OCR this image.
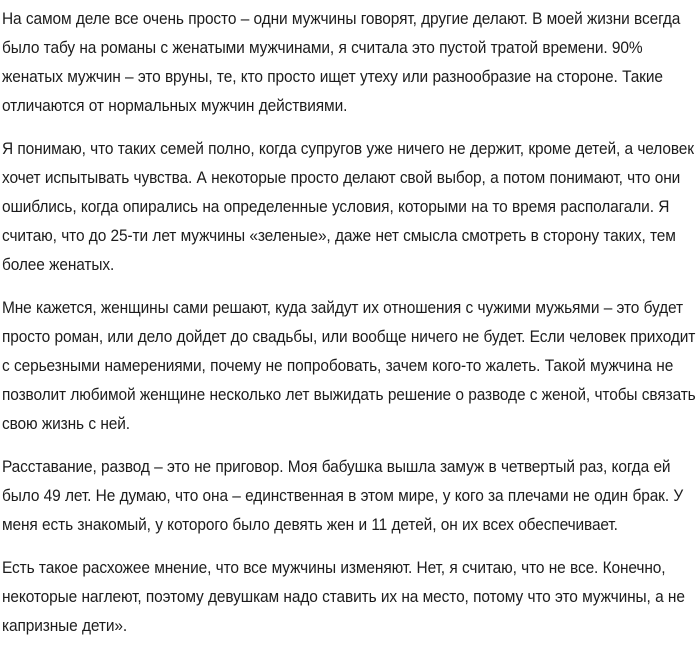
На самом деле все очень просто – одни мужчины говорят, другие делают. В моей жизни всегда было табу на романы с женатыми мужчинами, я считала это пустой тратой времени. 90% женатых мужчин – это вруны, те, кто просто ищет утеху или разнообразие на стороне. Такие отличаются от нормальных мужчин действиями.

Я понимаю, что таких семей полно, когда супругов уже ничего не держит, кроме детей, а человек хочет испытывать чувства. А некоторые просто делают свой выбор, а потом понимают, что они ошиблись, когда опирались на определенные условия, которыми на то время располагали. Я считаю, что до 25-ти лет мужчины «зеленые», даже нет смысла смотреть в сторону таких, тем более женатых.

Мне кажется, женщины сами решают, куда зайдут их отношения с чужими мужьями – это будет просто роман, или дело дойдет до свадьбы, или вообще ничего не будет. Если человек приходит с серьезными намерениями, почему не попробовать, зачем кого-то жалеть. Такой мужчина не позволит любимой женщине несколько лет выжидать решение о разводе с женой, чтобы связать свою жизнь с ней.

Расставание, развод – это не приговор. Моя бабушка вышла замуж в четвертый раз, когда ей было 49 лет. Не думаю, что она – единственная в этом мире, у кого за плечами не один брак. У меня есть знакомый, у которого было девять жен и 11 детей, он их всех обеспечивает.

Есть такое расхожее мнение, что все мужчины изменяют. Нет, я считаю, что не все. Конечно, некоторые наглеют, поэтому девушкам надо ставить их на место, потому что это мужчины, а не капризные дети».
